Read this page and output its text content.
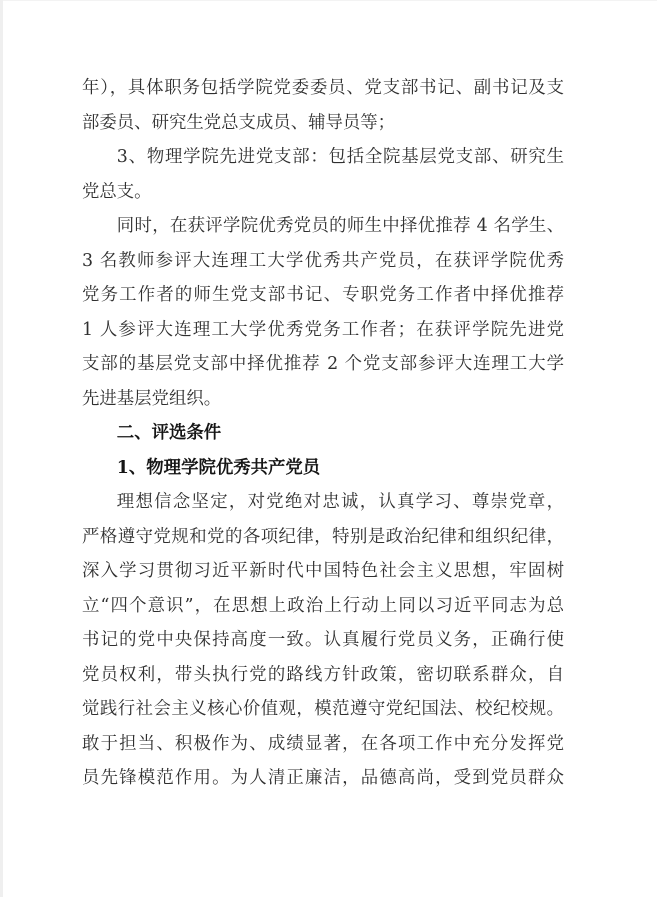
年），具体职务包括学院党委委员、党支部书记、副书记及支
部委员、研究生党总支成员、辅导员等；
3、物理学院先进党支部：包括全院基层党支部、研究生
党总支。
同时，在获评学院优秀党员的师生中择优推荐 4 名学生、
3 名教师参评大连理工大学优秀共产党员，在获评学院优秀
党务工作者的师生党支部书记、专职党务工作者中择优推荐
1 人参评大连理工大学优秀党务工作者；在获评学院先进党
支部的基层党支部中择优推荐 2 个党支部参评大连理工大学
先进基层党组织。
二、评选条件
1、物理学院优秀共产党员
理想信念坚定，对党绝对忠诚，认真学习、尊崇党章，
严格遵守党规和党的各项纪律，特别是政治纪律和组织纪律，
深入学习贯彻习近平新时代中国特色社会主义思想，牢固树
立“四个意识”，在思想上政治上行动上同以习近平同志为总
书记的党中央保持高度一致。认真履行党员义务，正确行使
党员权利，带头执行党的路线方针政策，密切联系群众，自
觉践行社会主义核心价值观，模范遵守党纪国法、校纪校规。
敢于担当、积极作为、成绩显著，在各项工作中充分发挥党
员先锋模范作用。为人清正廉洁，品德高尚，受到党员群众
